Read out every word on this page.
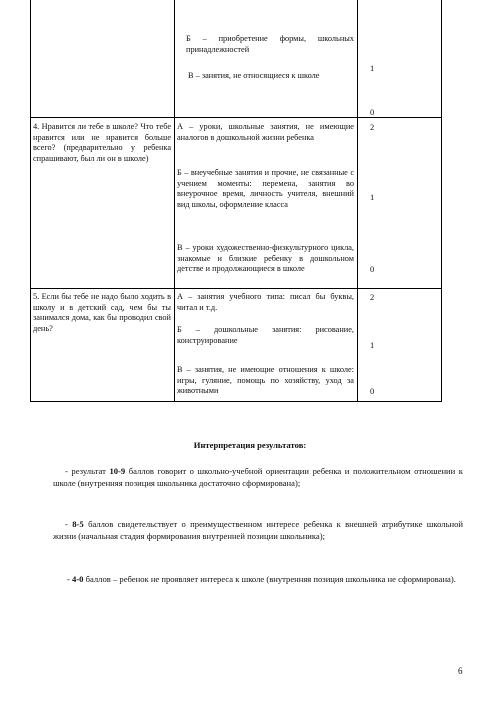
Б – приобретение формы, школьных принадлежностей
В – занятия, не относящиеся к школе
1
0
4. Нравится ли тебе в школе? Что тебе нравится или не нравится больше всего? (предварительно у ребенка спрашивают, был ли он в школе)
А – уроки, школьные занятия, не имеющие аналогов в дошкольной жизни ребенка
Б – внеучебные занятия и прочие, не связанные с учением моменты: перемена, занятия во внеурочное время, личность учителя, внешний вид школы, оформление класса
В – уроки художественно-физкультурного цикла, знакомые и близкие ребенку в дошкольном детстве и продолжающиеся в школе
2
1
0
5. Если бы тебе не надо было ходить в школу и в детский сад, чем бы ты занимался дома, как бы проводил свой день?
А – занятия учебного типа: писал бы буквы, читал и т.д.
Б – дошкольные занятия: рисование, конструирование
В – занятия, не имеющие отношения к школе: игры, гуляние, помощь по хозяйству, уход за животными
2
1
0
Интерпретация результатов:
- результат 10-9 баллов говорит о школьно-учебной ориентации ребенка и положительном отношении к школе (внутренняя позиция школьника достаточно сформирована);
- 8-5 баллов свидетельствует о преимущественном интересе ребенка к внешней атрибутике школьной жизни (начальная стадия формирования внутренней позиции школьника);
- 4-0 баллов – ребенок не проявляет интереса к школе (внутренняя позиция школьника не сформирована).
6
